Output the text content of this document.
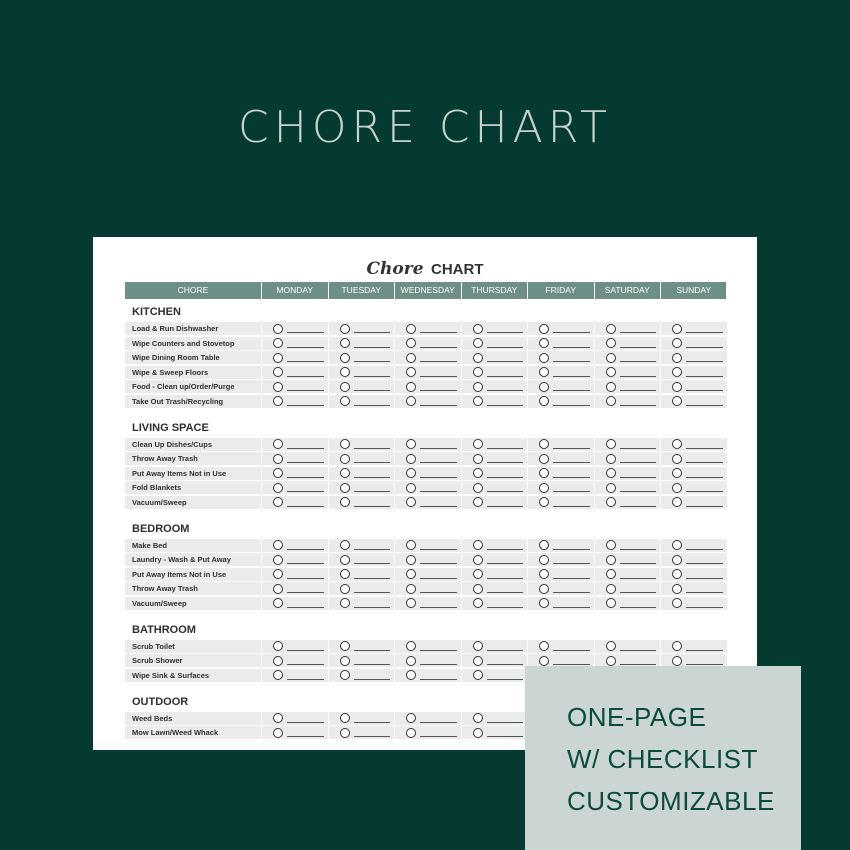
CHORE CHART
Chore CHART
CHORE	MONDAY	TUESDAY	WEDNESDAY	THURSDAY	FRIDAY	SATURDAY	SUNDAY
KITCHEN
Load & Run Dishwasher
Wipe Counters and Stovetop
Wipe Dining Room Table
Wipe & Sweep Floors
Food - Clean up/Order/Purge
Take Out Trash/Recycling
LIVING SPACE
Clean Up Dishes/Cups
Throw Away Trash
Put Away Items Not in Use
Fold Blankets
Vacuum/Sweep
BEDROOM
Make Bed
Laundry - Wash & Put Away
Put Away Items Not in Use
Throw Away Trash
Vacuum/Sweep
BATHROOM
Scrub Toilet
Scrub Shower
Wipe Sink & Surfaces
OUTDOOR
Weed Beds
Mow Lawn/Weed Whack
ONE-PAGE
W/ CHECKLIST
CUSTOMIZABLE
